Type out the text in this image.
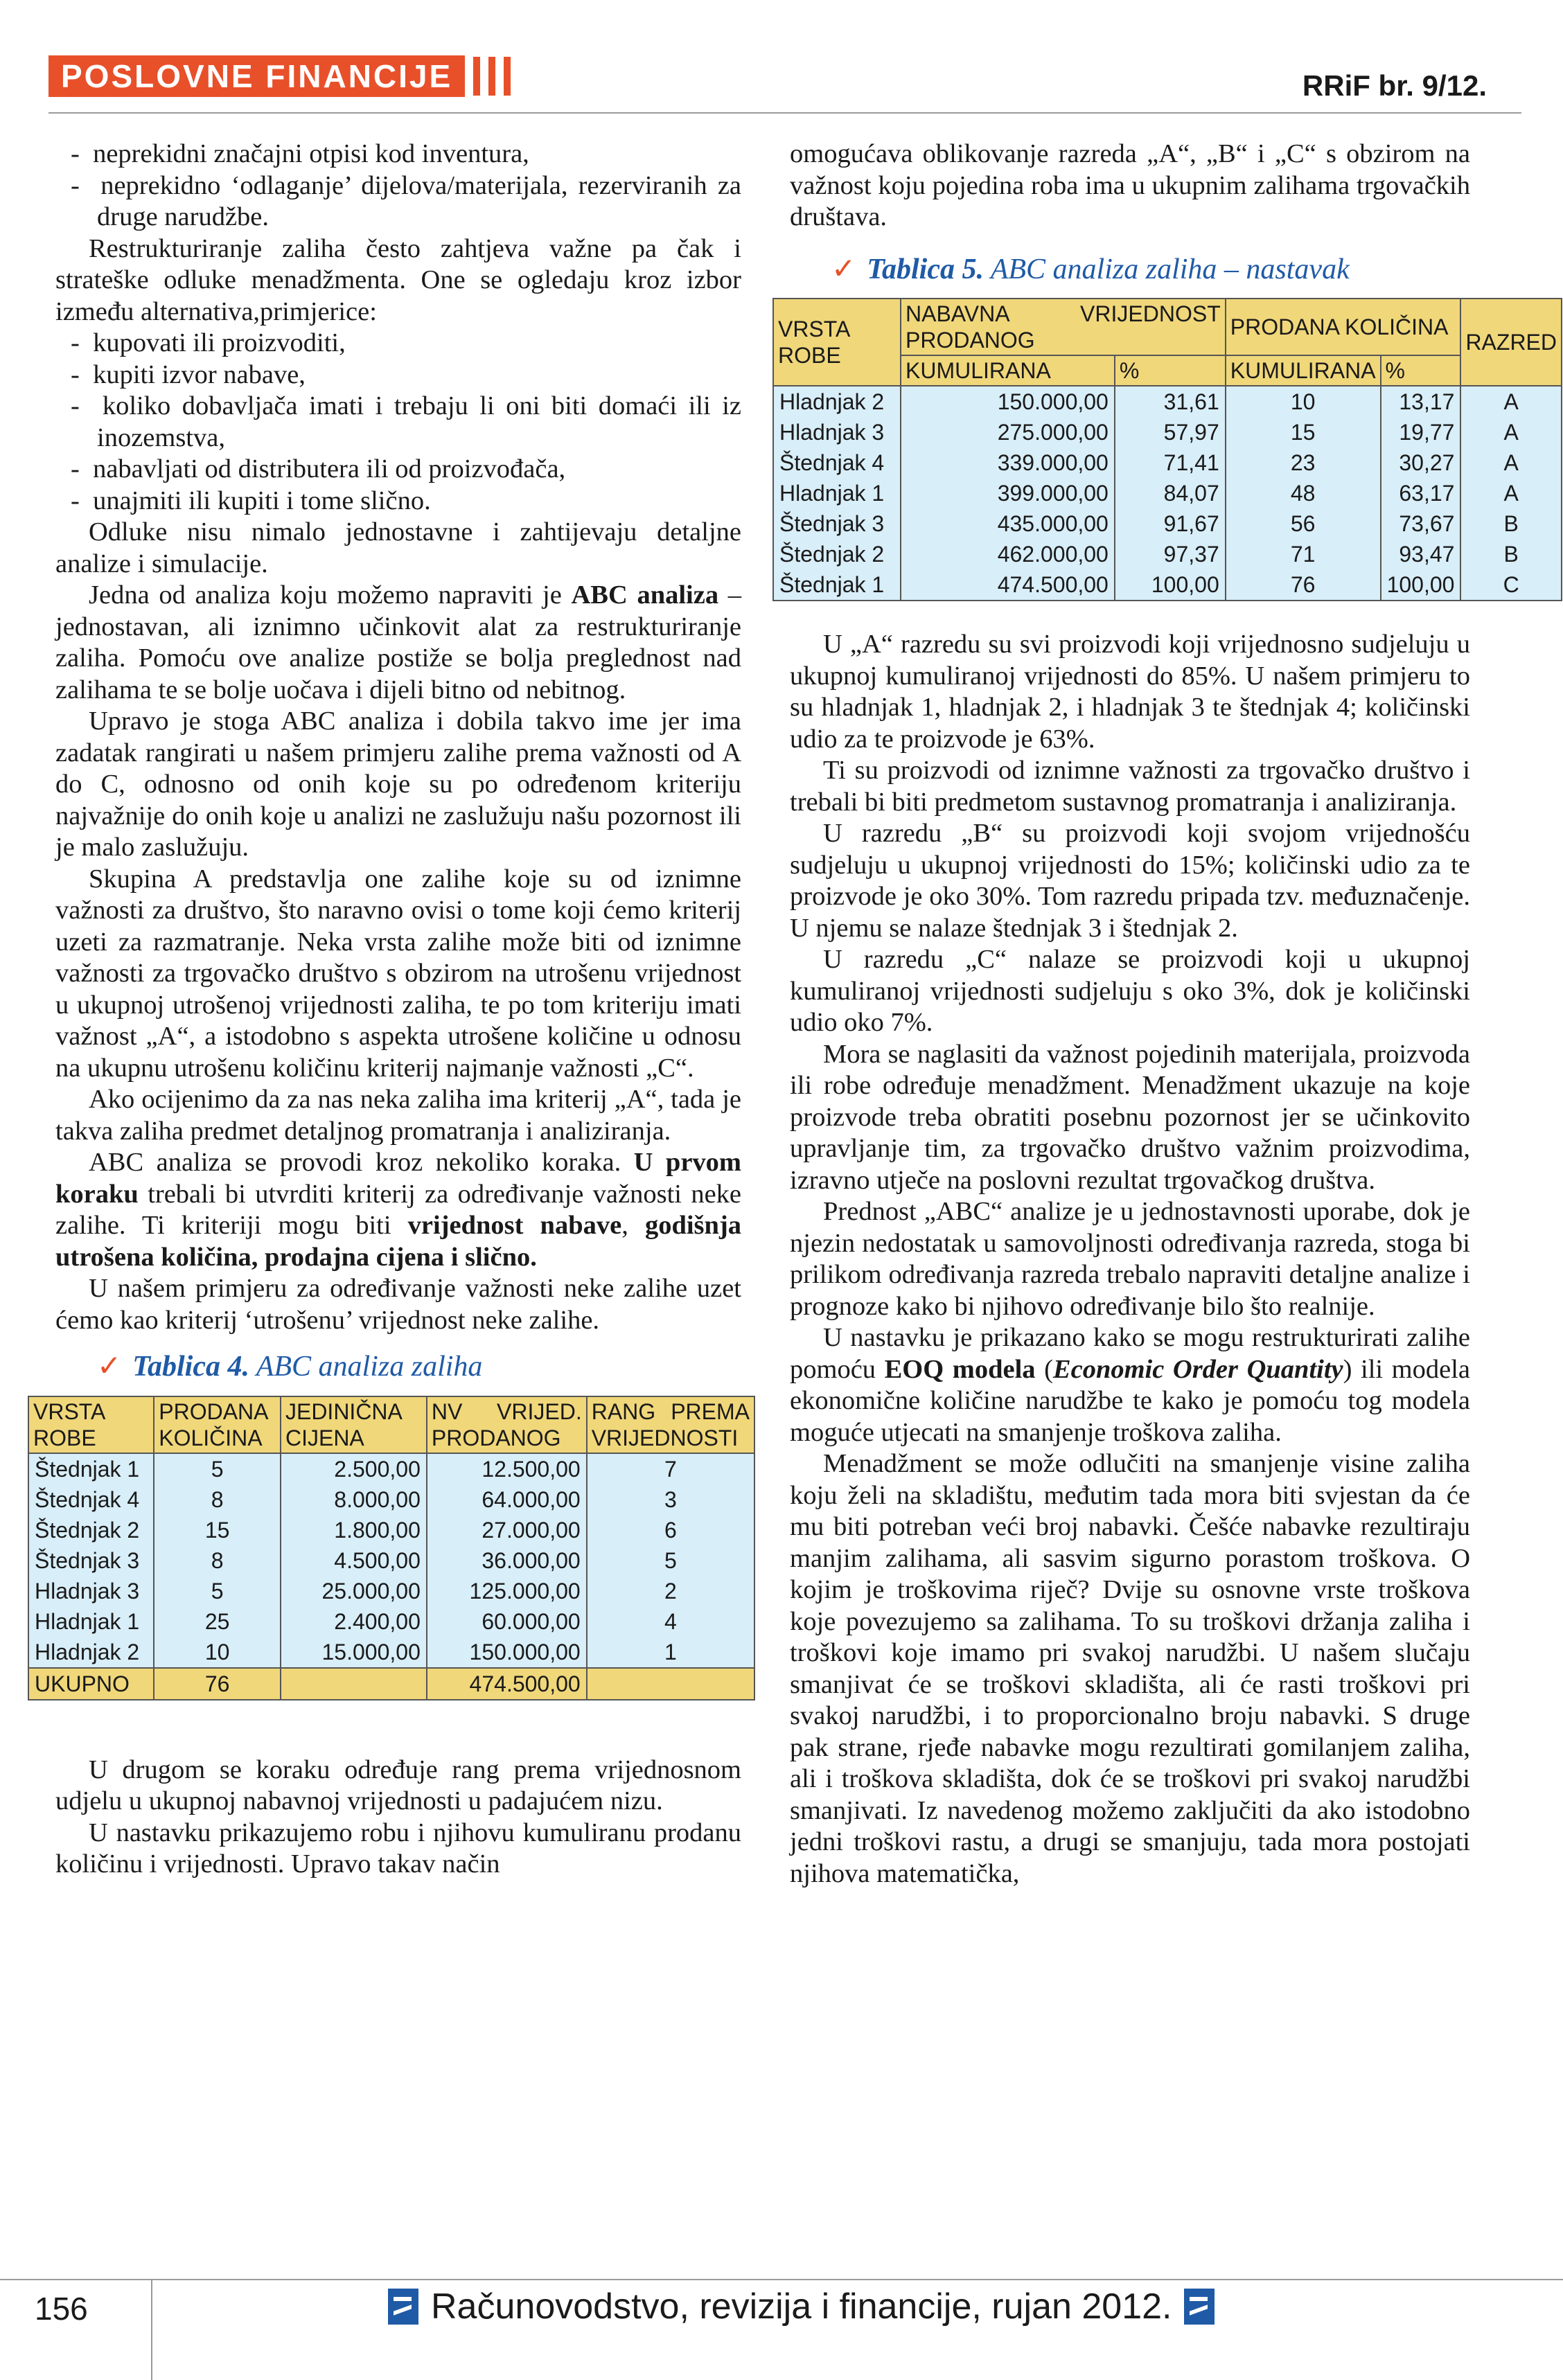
POSLOVNE FINANCIJE	RRiF br. 9/12.

-  neprekidni značajni otpisi kod inventura,

-  neprekidno ‘odlaganje’ dijelova/materijala, rezerviranih za druge narudžbe.

Restrukturiranje zaliha često zahtjeva važne pa čak i strateške odluke menadžmenta. One se ogledaju kroz izbor između alternativa,primjerice:

-  kupovati ili proizvoditi,

-  kupiti izvor nabave,

-  koliko dobavljača imati i trebaju li oni biti domaći ili iz inozemstva,

-  nabavljati od distributera ili od proizvođača,

-  unajmiti ili kupiti i tome slično.

Odluke nisu nimalo jednostavne i zahtijevaju detaljne analize i simulacije.

Jedna od analiza koju možemo napraviti je ABC analiza – jednostavan, ali iznimno učinkovit alat za restrukturiranje zaliha. Pomoću ove analize postiže se bolja preglednost nad zalihama te se bolje uočava i dijeli bitno od nebitnog.

Upravo je stoga ABC analiza i dobila takvo ime jer ima zadatak rangirati u našem primjeru zalihe prema važnosti od A do C, odnosno od onih koje su po određenom kriteriju najvažnije do onih koje u analizi ne zaslužuju našu pozornost ili je malo zaslužuju.

Skupina A predstavlja one zalihe koje su od iznimne važnosti za društvo, što naravno ovisi o tome koji ćemo kriterij uzeti za razmatranje. Neka vrsta zalihe može biti od iznimne važnosti za trgovačko društvo s obzirom na utrošenu vrijednost u ukupnoj utrošenoj vrijednosti zaliha, te po tom kriteriju imati važnost „A“, a istodobno s aspekta utrošene količine u odnosu na ukupnu utrošenu količinu kriterij najmanje važnosti „C“.

Ako ocijenimo da za nas neka zaliha ima kriterij „A“, tada je takva zaliha predmet detaljnog promatranja i analiziranja.

ABC analiza se provodi kroz nekoliko koraka. U prvom koraku trebali bi utvrditi kriterij za određivanje važnosti neke zalihe. Ti kriteriji mogu biti vrijednost nabave, godišnja utrošena količina, prodajna cijena i slično.

U našem primjeru za određivanje važnosti neke zalihe uzet ćemo kao kriterij ‘utrošenu’ vrijednost neke zalihe.

✓ Tablica 4. ABC analiza zaliha
VRSTA ROBE	PRODANA KOLIČINA	JEDINIČNA CIJENA	NV VRIJED. PRODANOG	RANG PREMA VRIJEDNOSTI
Štednjak 1	5	2.500,00	12.500,00	7
Štednjak 4	8	8.000,00	64.000,00	3
Štednjak 2	15	1.800,00	27.000,00	6
Štednjak 3	8	4.500,00	36.000,00	5
Hladnjak 3	5	25.000,00	125.000,00	2
Hladnjak 1	25	2.400,00	60.000,00	4
Hladnjak 2	10	15.000,00	150.000,00	1
UKUPNO	76		474.500,00	

U drugom se koraku određuje rang prema vrijednosnom udjelu u ukupnoj nabavnoj vrijednosti u padajućem nizu.

U nastavku prikazujemo robu i njihovu kumuliranu prodanu količinu i vrijednosti. Upravo takav način

omogućava oblikovanje razreda „A“, „B“ i „C“ s obzirom na važnost koju pojedina roba ima u ukupnim zalihama trgovačkih društava.

✓ Tablica 5. ABC analiza zaliha – nastavak
VRSTA ROBE	NABAVNA VRIJEDNOST PRODANOG		PRODANA KOLIČINA		RAZRED
	KUMULIRANA	%	KUMULIRANA	%	
Hladnjak 2	150.000,00	31,61	10	13,17	A
Hladnjak 3	275.000,00	57,97	15	19,77	A
Štednjak 4	339.000,00	71,41	23	30,27	A
Hladnjak 1	399.000,00	84,07	48	63,17	A
Štednjak 3	435.000,00	91,67	56	73,67	B
Štednjak 2	462.000,00	97,37	71	93,47	B
Štednjak 1	474.500,00	100,00	76	100,00	C

U „A“ razredu su svi proizvodi koji vrijednosno sudjeluju u ukupnoj kumuliranoj vrijednosti do 85%. U našem primjeru to su hladnjak 1, hladnjak 2, i hladnjak 3 te štednjak 4; količinski udio za te proizvode je 63%.

Ti su proizvodi od iznimne važnosti za trgovačko društvo i trebali bi biti predmetom sustavnog promatranja i analiziranja.

U razredu „B“ su proizvodi koji svojom vrijednošću sudjeluju u ukupnoj vrijednosti do 15%; količinski udio za te proizvode je oko 30%. Tom razredu pripada tzv. međuznačenje. U njemu se nalaze štednjak 3 i štednjak 2.

U razredu „C“ nalaze se proizvodi koji u ukupnoj kumuliranoj vrijednosti sudjeluju s oko 3%, dok je količinski udio oko 7%.

Mora se naglasiti da važnost pojedinih materijala, proizvoda ili robe određuje menadžment. Menadžment ukazuje na koje proizvode treba obratiti posebnu pozornost jer se učinkovito upravljanje tim, za trgovačko društvo važnim proizvodima, izravno utječe na poslovni rezultat trgovačkog društva.

Prednost „ABC“ analize je u jednostavnosti uporabe, dok je njezin nedostatak u samovoljnosti određivanja razreda, stoga bi prilikom određivanja razreda trebalo napraviti detaljne analize i prognoze kako bi njihovo određivanje bilo što realnije.

U nastavku je prikazano kako se mogu restrukturirati zalihe pomoću EOQ modela (Economic Order Quantity) ili modela ekonomične količine narudžbe te kako je pomoću tog modela moguće utjecati na smanjenje troškova zaliha.

Menadžment se može odlučiti na smanjenje visine zaliha koju želi na skladištu, međutim tada mora biti svjestan da će mu biti potreban veći broj nabavki. Češće nabavke rezultiraju manjim zalihama, ali sasvim sigurno porastom troškova. O kojim je troškovima riječ? Dvije su osnovne vrste troškova koje povezujemo sa zalihama. To su troškovi držanja zaliha i troškovi koje imamo pri svakoj narudžbi. U našem slučaju smanjivat će se troškovi skladišta, ali će rasti troškovi pri svakoj narudžbi, i to proporcionalno broju nabavki. S druge pak strane, rjeđe nabavke mogu rezultirati gomilanjem zaliha, ali i troškova skladišta, dok će se troškovi pri svakoj narudžbi smanjivati. Iz navedenog možemo zaključiti da ako istodobno jedni troškovi rastu, a drugi se smanjuju, tada mora postojati njihova matematička,

156	Računovodstvo, revizija i financije, rujan 2012.
